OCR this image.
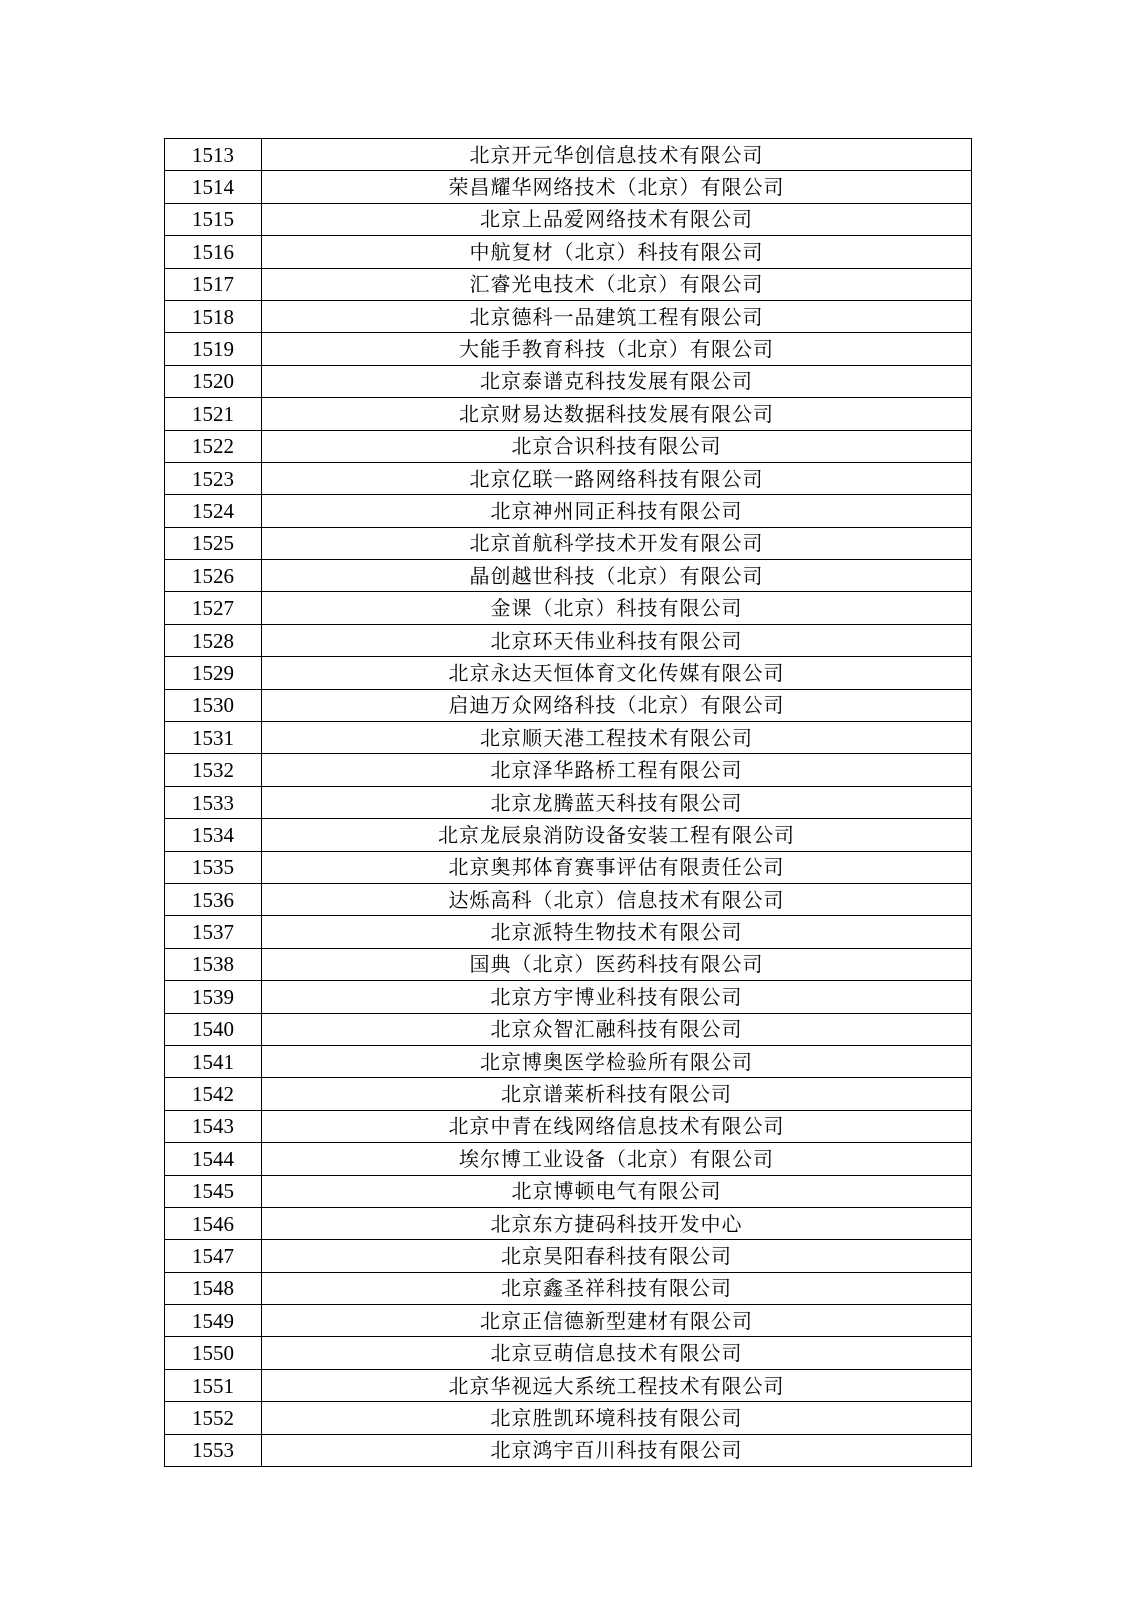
1513	北京开元华创信息技术有限公司
1514	荣昌耀华网络技术（北京）有限公司
1515	北京上品爱网络技术有限公司
1516	中航复材（北京）科技有限公司
1517	汇睿光电技术（北京）有限公司
1518	北京德科一品建筑工程有限公司
1519	大能手教育科技（北京）有限公司
1520	北京泰谱克科技发展有限公司
1521	北京财易达数据科技发展有限公司
1522	北京合识科技有限公司
1523	北京亿联一路网络科技有限公司
1524	北京神州同正科技有限公司
1525	北京首航科学技术开发有限公司
1526	晶创越世科技（北京）有限公司
1527	金课（北京）科技有限公司
1528	北京环天伟业科技有限公司
1529	北京永达天恒体育文化传媒有限公司
1530	启迪万众网络科技（北京）有限公司
1531	北京顺天港工程技术有限公司
1532	北京泽华路桥工程有限公司
1533	北京龙腾蓝天科技有限公司
1534	北京龙辰泉消防设备安装工程有限公司
1535	北京奥邦体育赛事评估有限责任公司
1536	达烁高科（北京）信息技术有限公司
1537	北京派特生物技术有限公司
1538	国典（北京）医药科技有限公司
1539	北京方宇博业科技有限公司
1540	北京众智汇融科技有限公司
1541	北京博奥医学检验所有限公司
1542	北京谱莱析科技有限公司
1543	北京中青在线网络信息技术有限公司
1544	埃尔博工业设备（北京）有限公司
1545	北京博顿电气有限公司
1546	北京东方捷码科技开发中心
1547	北京昊阳春科技有限公司
1548	北京鑫圣祥科技有限公司
1549	北京正信德新型建材有限公司
1550	北京豆萌信息技术有限公司
1551	北京华视远大系统工程技术有限公司
1552	北京胜凯环境科技有限公司
1553	北京鸿宇百川科技有限公司
